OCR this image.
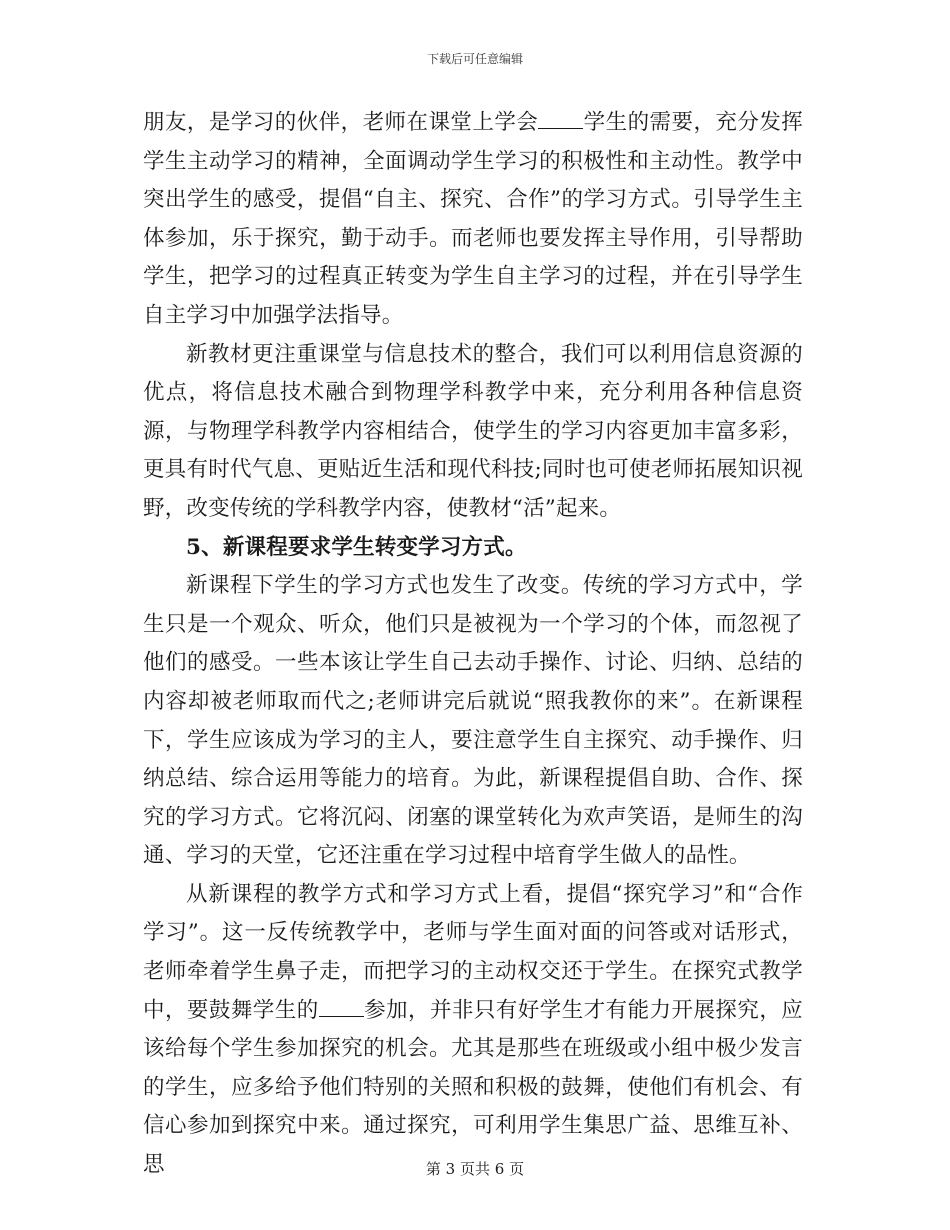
下载后可任意编辑

朋友，是学习的伙伴，老师在课堂上学会 学生的需要，充分发挥学生主动学习的精神，全面调动学生学习的积极性和主动性。教学中突出学生的感受，提倡“自主、探究、合作”的学习方式。引导学生主体参加，乐于探究，勤于动手。而老师也要发挥主导作用，引导帮助学生，把学习的过程真正转变为学生自主学习的过程，并在引导学生自主学习中加强学法指导。

新教材更注重课堂与信息技术的整合，我们可以利用信息资源的优点，将信息技术融合到物理学科教学中来，充分利用各种信息资源，与物理学科教学内容相结合，使学生的学习内容更加丰富多彩，更具有时代气息、更贴近生活和现代科技;同时也可使老师拓展知识视野，改变传统的学科教学内容，使教材“活”起来。

5、新课程要求学生转变学习方式。

新课程下学生的学习方式也发生了改变。传统的学习方式中，学生只是一个观众、听众，他们只是被视为一个学习的个体，而忽视了他们的感受。一些本该让学生自己去动手操作、讨论、归纳、总结的内容却被老师取而代之;老师讲完后就说“照我教你的来”。在新课程下，学生应该成为学习的主人，要注意学生自主探究、动手操作、归纳总结、综合运用等能力的培育。为此，新课程提倡自助、合作、探究的学习方式。它将沉闷、闭塞的课堂转化为欢声笑语，是师生的沟通、学习的天堂，它还注重在学习过程中培育学生做人的品性。

从新课程的教学方式和学习方式上看，提倡“探究学习”和“合作学习”。这一反传统教学中，老师与学生面对面的问答或对话形式，老师牵着学生鼻子走，而把学习的主动权交还于学生。在探究式教学中，要鼓舞学生的 参加，并非只有好学生才有能力开展探究，应该给每个学生参加探究的机会。尤其是那些在班级或小组中极少发言的学生，应多给予他们特别的关照和积极的鼓舞，使他们有机会、有信心参加到探究中来。通过探究，可利用学生集思广益、思维互补、思	第 3 页共 6 页
